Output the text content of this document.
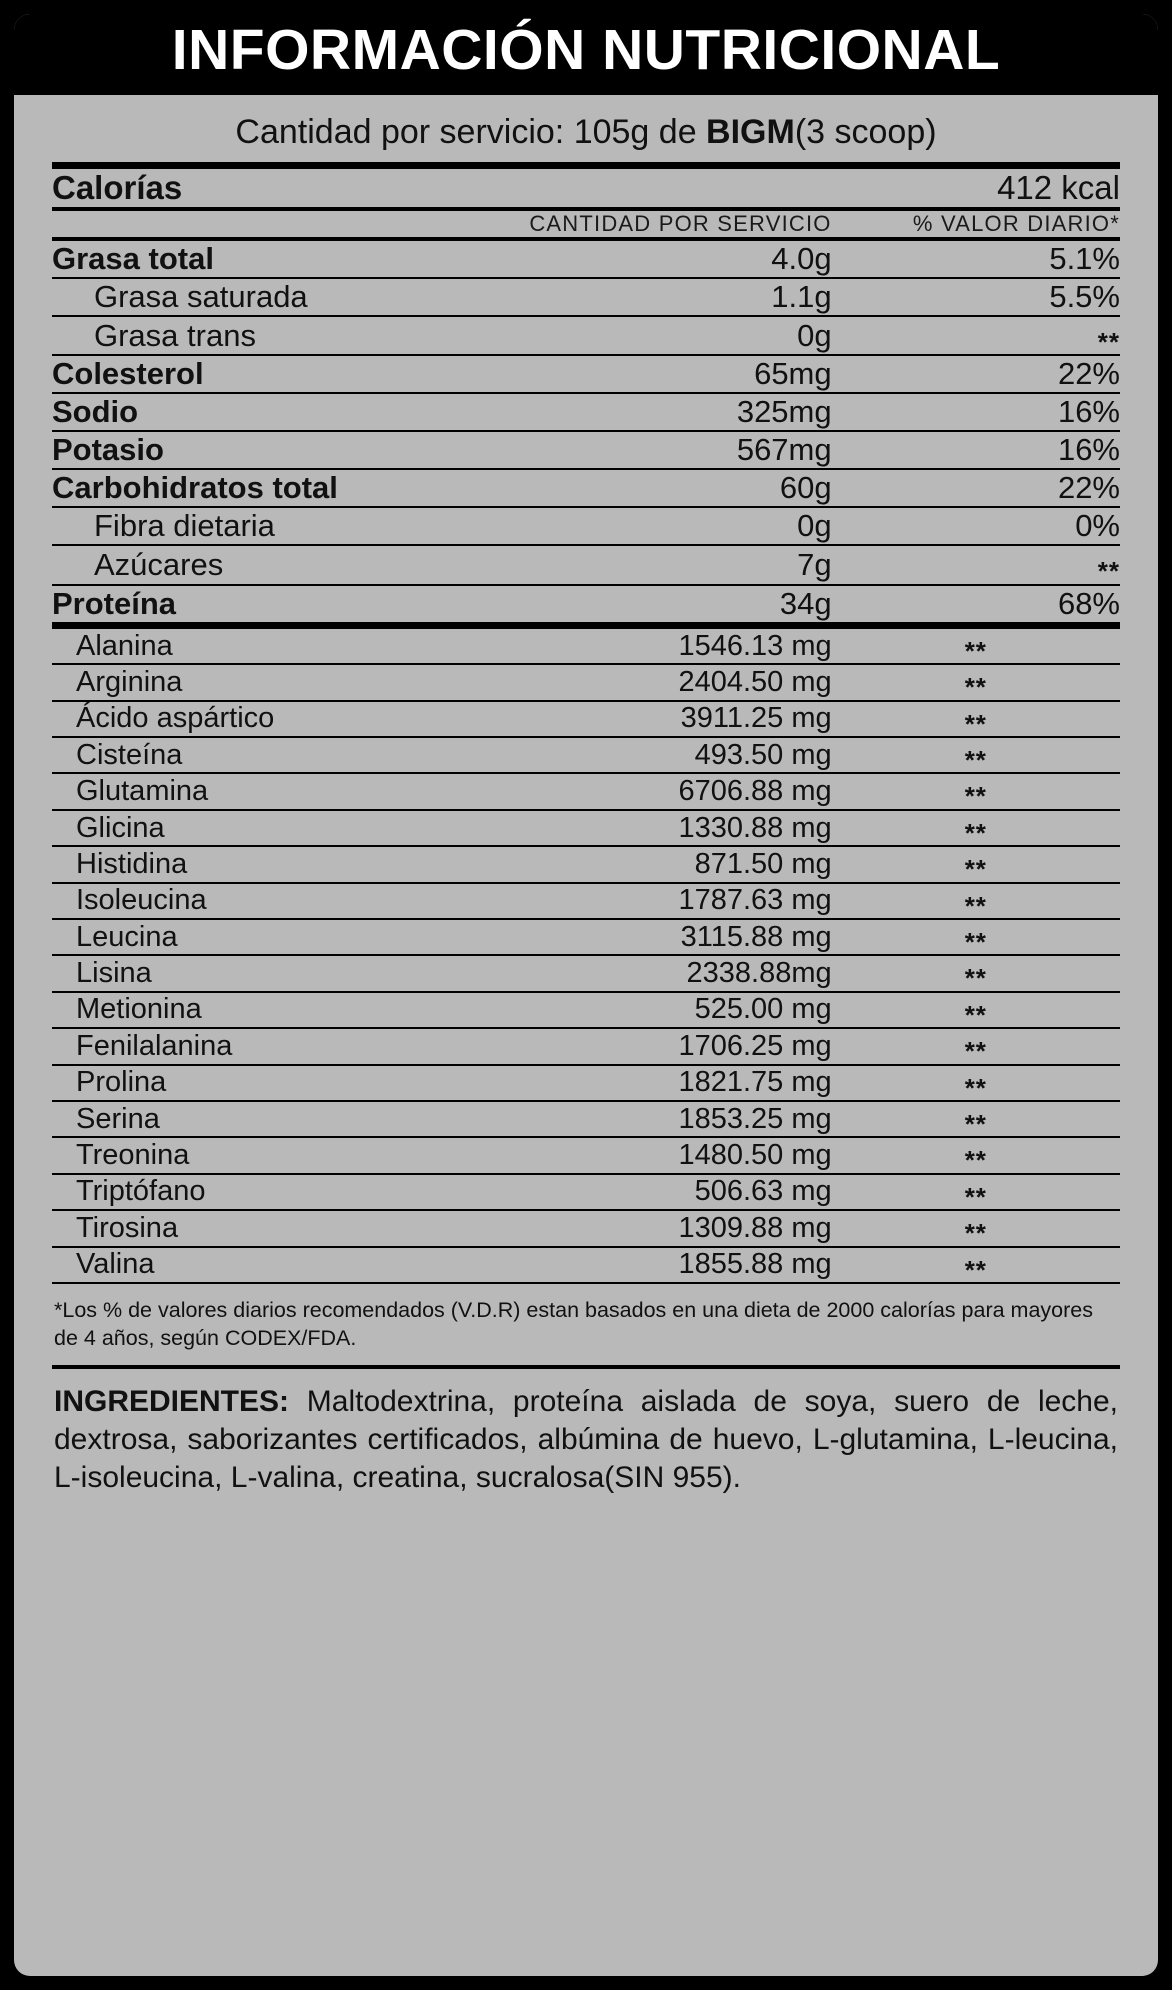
INFORMACIÓN NUTRICIONAL
Cantidad por servicio: 105g de BIGM(3 scoop)

Calorías		412 kcal
	CANTIDAD POR SERVICIO	% VALOR DIARIO*
Grasa total	4.0g	5.1%
Grasa saturada	1.1g	5.5%
Grasa trans	0g	**
Colesterol	65mg	22%
Sodio	325mg	16%
Potasio	567mg	16%
Carbohidratos total	60g	22%
Fibra dietaria	0g	0%
Azúcares	7g	**
Proteína	34g	68%
Alanina	1546.13 mg	**
Arginina	2404.50 mg	**
Ácido aspártico	3911.25 mg	**
Cisteína	493.50 mg	**
Glutamina	6706.88 mg	**
Glicina	1330.88 mg	**
Histidina	871.50 mg	**
Isoleucina	1787.63 mg	**
Leucina	3115.88 mg	**
Lisina	2338.88mg	**
Metionina	525.00 mg	**
Fenilalanina	1706.25 mg	**
Prolina	1821.75 mg	**
Serina	1853.25 mg	**
Treonina	1480.50 mg	**
Triptófano	506.63 mg	**
Tirosina	1309.88 mg	**
Valina	1855.88 mg	**
*Los % de valores diarios recomendados (V.D.R) estan basados en una dieta de 2000 calorías para mayores de 4 años, según CODEX/FDA.
INGREDIENTES: Maltodextrina, proteína aislada de soya, suero de leche, dextrosa, saborizantes certificados, albúmina de huevo, L-glutamina, L-leucina, L-isoleucina, L-valina, creatina, sucralosa(SIN 955).
